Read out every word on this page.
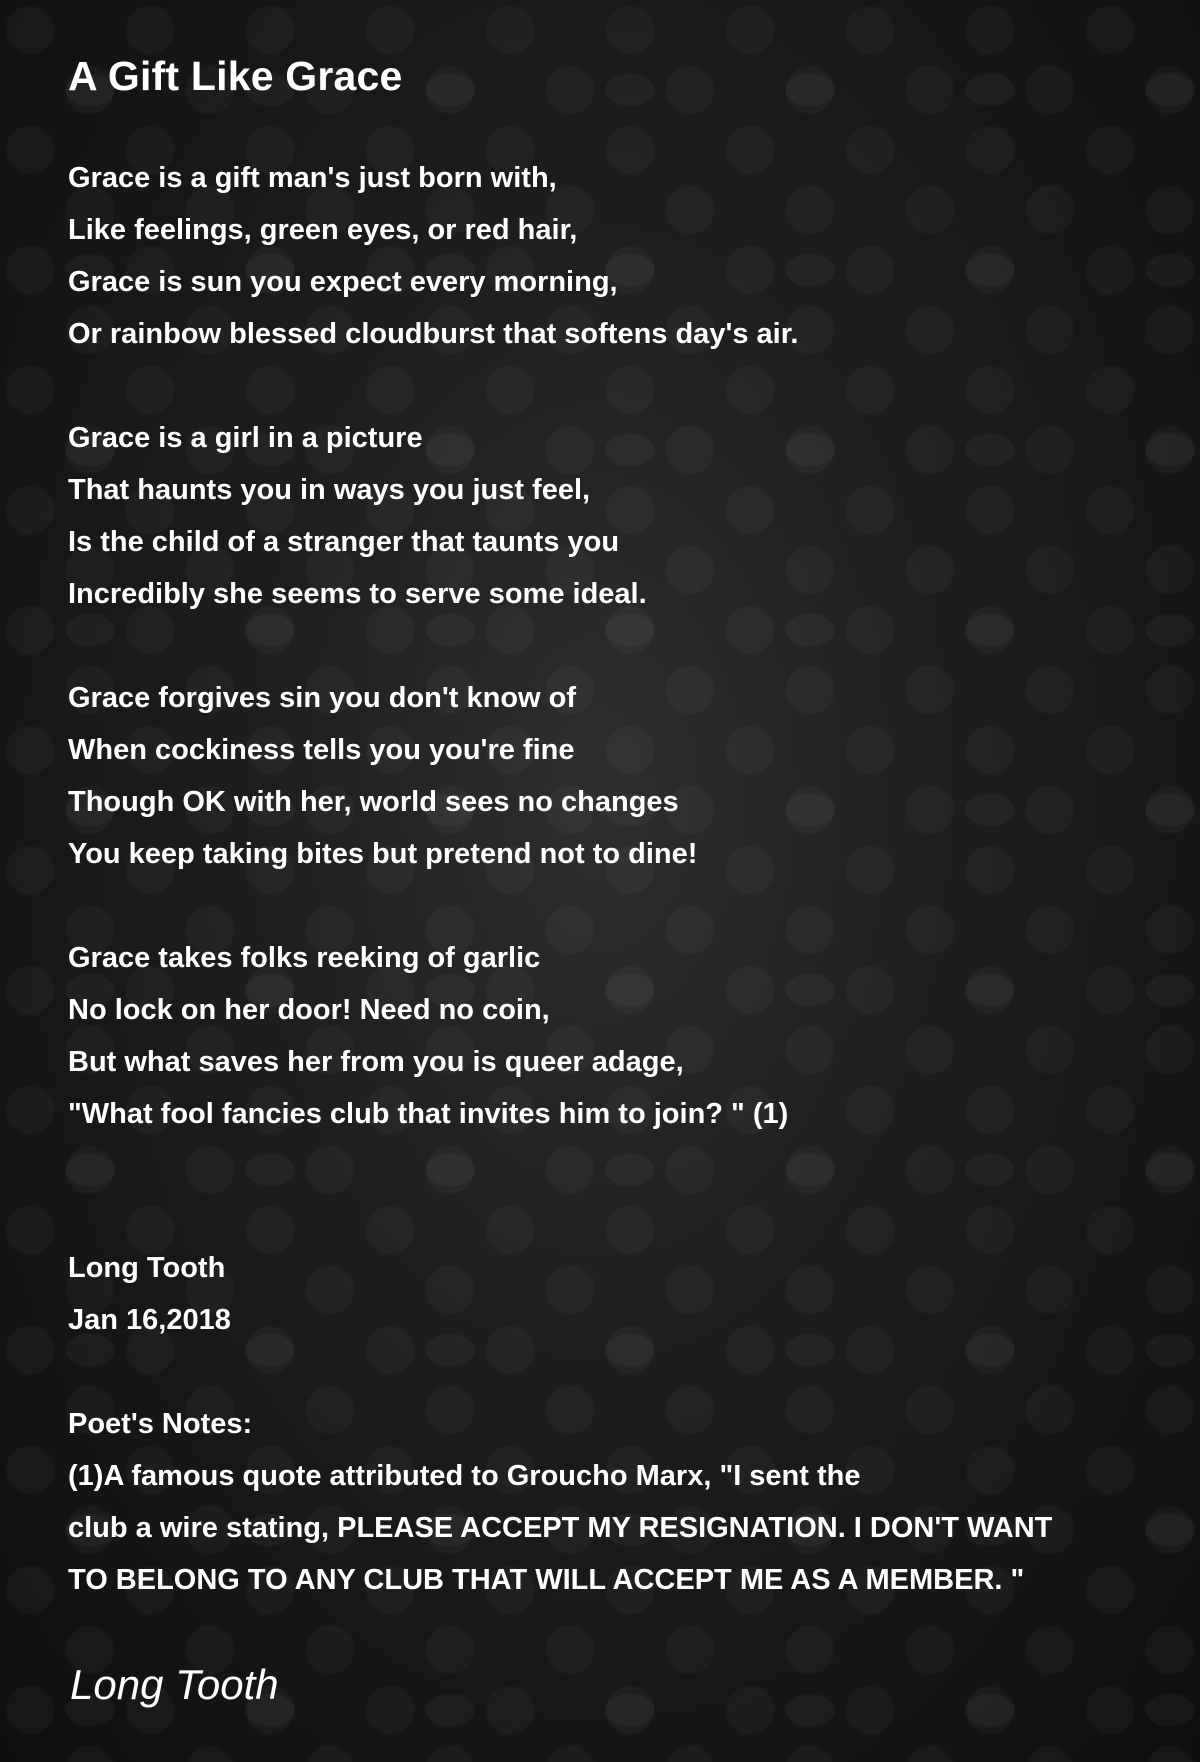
A Gift Like Grace
Grace is a gift man's just born with,
Like feelings, green eyes, or red hair,
Grace is sun you expect every morning,
Or rainbow blessed cloudburst that softens day's air.
Grace is a girl in a picture
That haunts you in ways you just feel,
Is the child of a stranger that taunts you
Incredibly she seems to serve some ideal.
Grace forgives sin you don't know of
When cockiness tells you you're fine
Though OK with her, world sees no changes
You keep taking bites but pretend not to dine!
Grace takes folks reeking of garlic
No lock on her door! Need no coin,
But what saves her from you is queer adage,
"What fool fancies club that invites him to join? " (1)
Long Tooth
Jan 16,2018
Poet's Notes:
(1)A famous quote attributed to Groucho Marx, "I sent the
club a wire stating, PLEASE ACCEPT MY RESIGNATION. I DON'T WANT
TO BELONG TO ANY CLUB THAT WILL ACCEPT ME AS A MEMBER. "
Long Tooth
